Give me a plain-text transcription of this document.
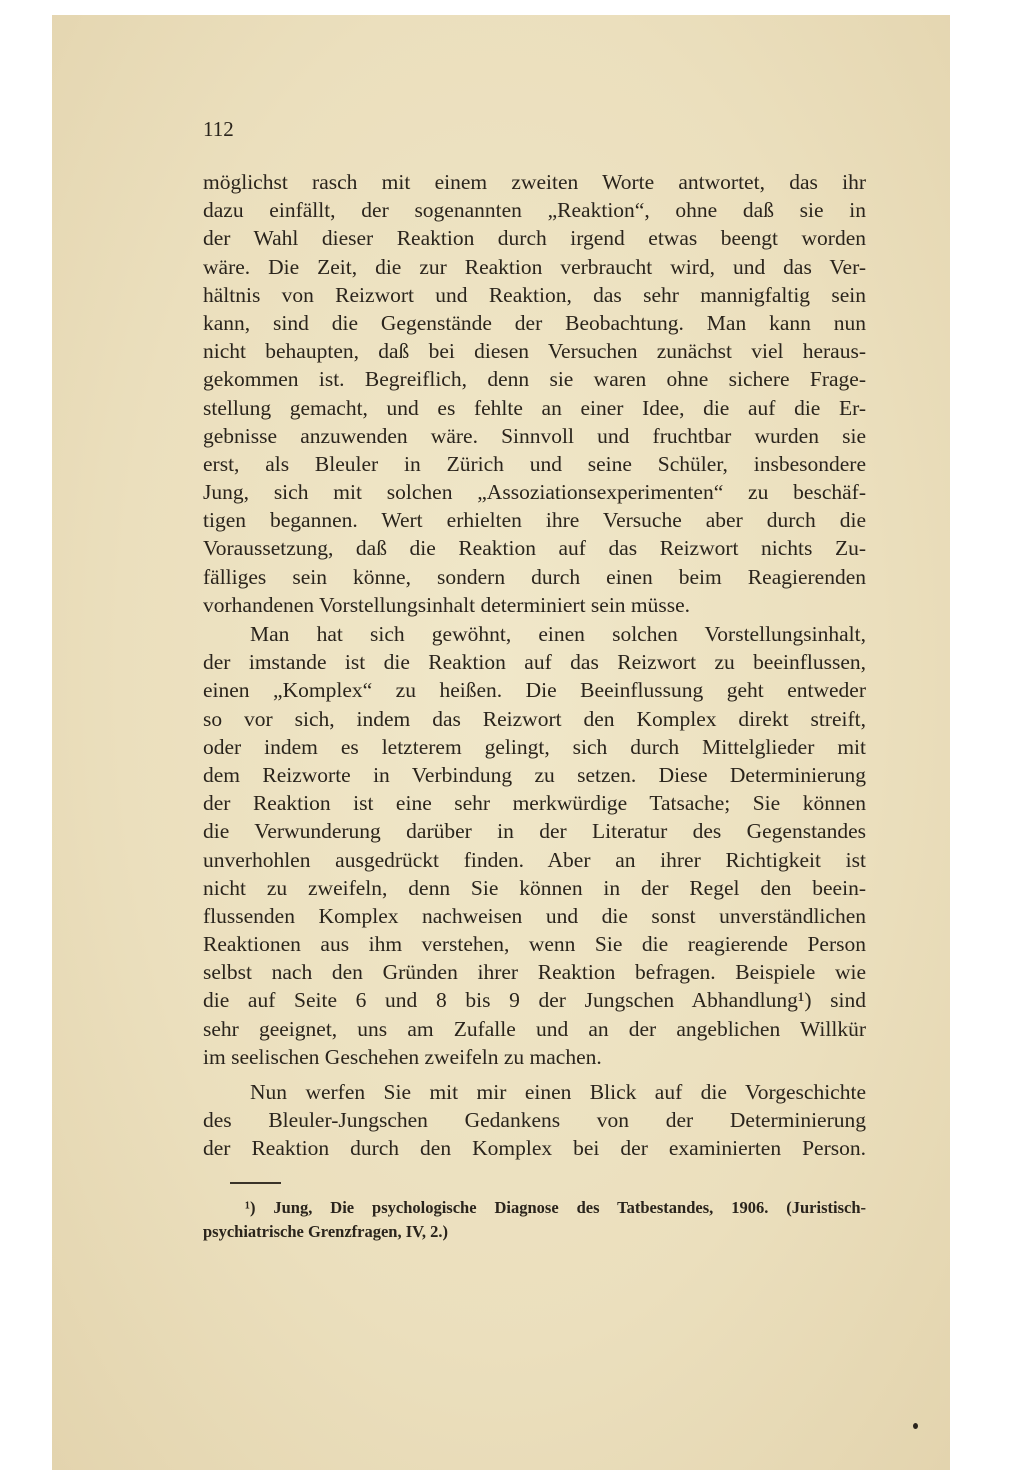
112
möglichst rasch mit einem zweiten Worte antwortet, das ihr
dazu einfällt, der sogenannten „Reaktion“, ohne daß sie in
der Wahl dieser Reaktion durch irgend etwas beengt worden
wäre. Die Zeit, die zur Reaktion verbraucht wird, und das Ver-
hältnis von Reizwort und Reaktion, das sehr mannigfaltig sein
kann, sind die Gegenstände der Beobachtung. Man kann nun
nicht behaupten, daß bei diesen Versuchen zunächst viel heraus-
gekommen ist. Begreiflich, denn sie waren ohne sichere Frage-
stellung gemacht, und es fehlte an einer Idee, die auf die Er-
gebnisse anzuwenden wäre. Sinnvoll und fruchtbar wurden sie
erst, als Bleuler in Zürich und seine Schüler, insbesondere
Jung, sich mit solchen „Assoziationsexperimenten“ zu beschäf-
tigen begannen. Wert erhielten ihre Versuche aber durch die
Voraussetzung, daß die Reaktion auf das Reizwort nichts Zu-
fälliges sein könne, sondern durch einen beim Reagierenden
vorhandenen Vorstellungsinhalt determiniert sein müsse.
Man hat sich gewöhnt, einen solchen Vorstellungsinhalt,
der imstande ist die Reaktion auf das Reizwort zu beeinflussen,
einen „Komplex“ zu heißen. Die Beeinflussung geht entweder
so vor sich, indem das Reizwort den Komplex direkt streift,
oder indem es letzterem gelingt, sich durch Mittelglieder mit
dem Reizworte in Verbindung zu setzen. Diese Determinierung
der Reaktion ist eine sehr merkwürdige Tatsache; Sie können
die Verwunderung darüber in der Literatur des Gegenstandes
unverhohlen ausgedrückt finden. Aber an ihrer Richtigkeit ist
nicht zu zweifeln, denn Sie können in der Regel den beein-
flussenden Komplex nachweisen und die sonst unverständlichen
Reaktionen aus ihm verstehen, wenn Sie die reagierende Person
selbst nach den Gründen ihrer Reaktion befragen. Beispiele wie
die auf Seite 6 und 8 bis 9 der Jungschen Abhandlung¹) sind
sehr geeignet, uns am Zufalle und an der angeblichen Willkür
im seelischen Geschehen zweifeln zu machen.
Nun werfen Sie mit mir einen Blick auf die Vorgeschichte
des Bleuler-Jungschen Gedankens von der Determinierung
der Reaktion durch den Komplex bei der examinierten Person.
¹) Jung, Die psychologische Diagnose des Tatbestandes, 1906. (Juristisch-
psychiatrische Grenzfragen, IV, 2.)
